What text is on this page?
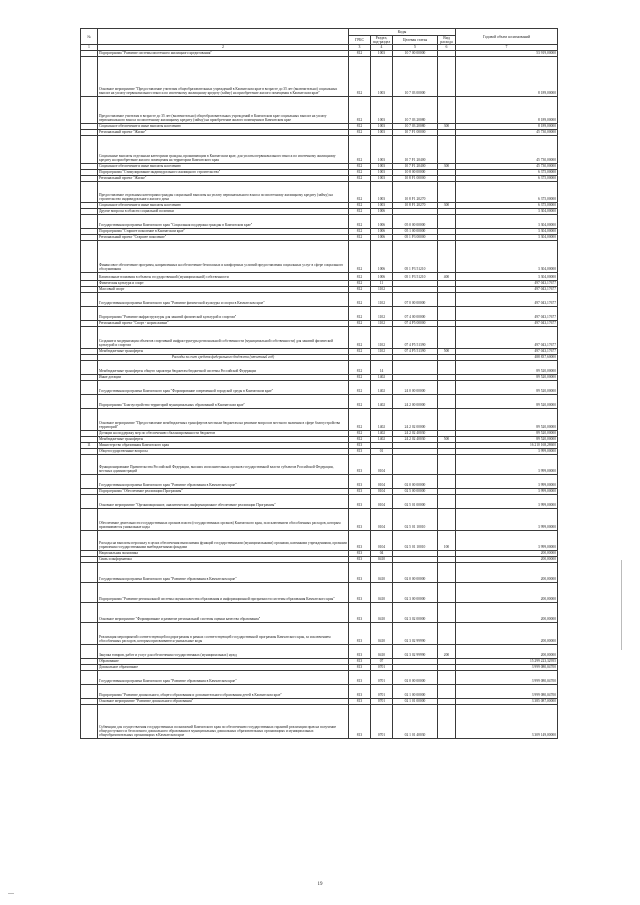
№		Коды				Годовой объем ассигнований
		ГРБС	Раздел, под-раздел	Целевая статья	Вид расхода	
1	2	3	4	5	6	7
	Подпрограмма "Развитие системы ипотечного жилищного кредитования"	812	1003	10 7 00 00000		53 919,00000
	Основное мероприятие "Предоставление учителям общеобразовательных учреждений в Камчатском крае в возрасте до 35 лет (включительно) социальных выплат на уплату первоначального взноса по ипотечному жилищному кредиту (займу) на приобретение жилого помещения в Камчатском крае"	812	1003	10 7 03 00000		8 189,00000
	Предоставление учителям в возрасте до 35 лет (включительно) общеобразовательных учреждений в Камчатском крае социальных выплат на уплату первоначального взноса по ипотечному жилищному кредиту (займу) на приобретение жилого помещения в Камчатском крае	812	1003	10 7 03 20080		8 189,00000
	Социальное обеспечение и иные выплаты населению	812	1003	10 7 03 20080	300	8 189,00000
	Региональный проект "Жилье"	812	1003	10 7 F1 00000		45 730,00000
	Социальные выплаты отдельным категориям граждан, проживающим в Камчатском крае, для уплаты первоначального взноса по ипотечному жилищному кредиту на приобретение жилого помещения на территории Камчатского края	812	1003	10 7 F1 20400		45 730,00000
	Социальное обеспечение и иные выплаты населению	812	1003	10 7 F1 20400	300	45 730,00000
	Подпрограмма "Стимулирование индивидуального жилищного строительства"	812	1003	10 8 00 00000		6 375,00000
	Региональный проект "Жилье"	812	1003	10 8 F1 00000		6 375,00000
	Предоставление отдельным категориям граждан социальной выплаты на уплату первоначального взноса по ипотечному жилищному кредиту (займу) на строительство индивидуального жилого дома	812	1003	10 8 F1 20270		6 375,00000
	Социальное обеспечение и иные выплаты населению	812	1003	10 8 F1 20270	300	6 375,00000
	Другие вопросы в области социальной политики	812	1006			3 304,00000
	Государственная программа Камчатского края "Социальная поддержка граждан в Камчатском крае"	812	1006	05 0 00 00000		3 304,00000
	Подпрограмма "Старшее поколение в Камчатском крае"	812	1006	05 1 00 00000		3 304,00000
	Региональный проект "Старшее поколение"	812	1006	05 1 P3 00000		3 304,00000
	Финансовое обеспечение программ, направленных на обеспечение безопасных и комфортных условий предоставления социальных услуг в сфере социального обслуживания	812	1006	05 1 P3 51210		3 304,00000
	Капитальные вложения в объекты государственной (муниципальной) собственности	812	1006	05 1 P3 51210	400	3 304,00000
	Физическая культура и спорт	812	11			497 043,17677
	Массовый спорт	812	1102			497 043,17677
	Государственная программа Камчатского края "Развитие физической культуры и спорта в Камчатском крае"	812	1102	07 0 00 00000		497 043,17677
	Подпрограмма "Развитие инфраструктуры для занятий физической культурой и спортом"	812	1102	07 4 00 00000		497 043,17677
	Региональный проект "Спорт - норма жизни"	812	1102	07 4 P5 00000		497 043,17677
	Создание и модернизация объектов спортивной инфраструктуры региональной собственности (муниципальной собственности) для занятий физической культурой и спортом	812	1102	07 4 P5 51390		497 043,17677
	Межбюджетные трансферты	812	1102	07 4 P5 51390	500	497 043,17677
	Расходы за счет средств федерального бюджета (отчетный год)					488 837,60000
	Межбюджетные трансферты общего характера бюджетам бюджетной системы Российской Федерации	812	14			89 520,00000
	Иные дотации	812	1402			89 520,00000
	Государственная программа Камчатского края "Формирование современной городской среды в Камчатском крае"	812	1402	24 0 00 00000		89 520,00000
	Подпрограмма "Благоустройство территорий муниципальных образований в Камчатском крае"	812	1402	24 2 00 00000		89 520,00000
	Основное мероприятие "Предоставление межбюджетных трансфертов местным бюджетам на решение вопросов местного значения в сфере благоустройства территорий"	812	1402	24 2 02 00000		89 520,00000
	Дотации на поддержку мер по обеспечению сбалансированности бюджетов	812	1402	24 2 02 40030		89 520,00000
	Межбюджетные трансферты	812	1402	24 2 02 40030	500	89 520,00000
11	Министерство образования Камчатского края	813				16 210 168,28600
	Общегосударственные вопросы	813	01			3 999,00000
	Функционирование Правительства Российской Федерации, высших исполнительных органов государственной власти субъектов Российской Федерации, местных администраций	813	0104			3 999,00000
	Государственная программа Камчатского края "Развитие образования в Камчатском крае"	813	0104	02 0 00 00000		3 999,00000
	Подпрограмма "Обеспечение реализации Программы"	813	0104	02 5 00 00000		3 999,00000
	Основное мероприятие "Организационное, аналитическое, информационное обеспечение реализации Программы"	813	0104	02 5 01 00000		3 999,00000
	Обеспечение деятельности государственных органов власти (государственных органов) Камчатского края, за исключением обособленных расходов, которым присваиваются уникальные коды	813	0104	02 5 01 10010		3 999,00000
	Расходы на выплаты персоналу в целях обеспечения выполнения функций государственными (муниципальными) органами, казенными учреждениями, органами управления государственными внебюджетными фондами	813	0104	02 5 01 10010	100	3 999,00000
	Национальная экономика	813	04			200,00000
	Связь и информатика	813	0410			200,00000
	Государственная программа Камчатского края "Развитие образования в Камчатском крае"	813	0410	02 0 00 00000		200,00000
	Подпрограмма "Развитие региональной системы оценки качества образования и информационной прозрачности системы образования Камчатского края"	813	0410	02 3 00 00000		200,00000
	Основное мероприятие "Формирование и развитие региональной системы оценки качества образования"	813	0410	02 3 02 00000		200,00000
	Реализация мероприятий соответствующей подпрограммы в рамках соответствующей государственной программы Камчатского края, за исключением обособленных расходов, которым присваиваются уникальные коды	813	0410	02 3 02 99990		200,00000
	Закупка товаров, работ и услуг для обеспечения государственных (муниципальных) нужд	813	0410	02 3 02 99990	200	200,00000
	Образование	813	07			15 299 223,32955
	Дошкольное образование	813	0701			3 999 080,04700
	Государственная программа Камчатского края "Развитие образования в Камчатском крае"	813	0701	02 0 00 00000		3 999 080,04700
	Подпрограмма "Развитие дошкольного, общего образования и дополнительного образования детей в Камчатском крае"	813	0701	02 1 00 00000		3 999 080,04700
	Основное мероприятие "Развитие дошкольного образования"	813	0701	02 1 01 00000		3 385 087,00000
	Субвенции для осуществления государственных полномочий Камчатского края по обеспечению государственных гарантий реализации прав на получение общедоступного и бесплатного дошкольного образования в муниципальных дошкольных образовательных организациях и муниципальных общеобразовательных организациях в Камчатском крае	813	0701	02 1 01 40030		3 309 149,00000
19
